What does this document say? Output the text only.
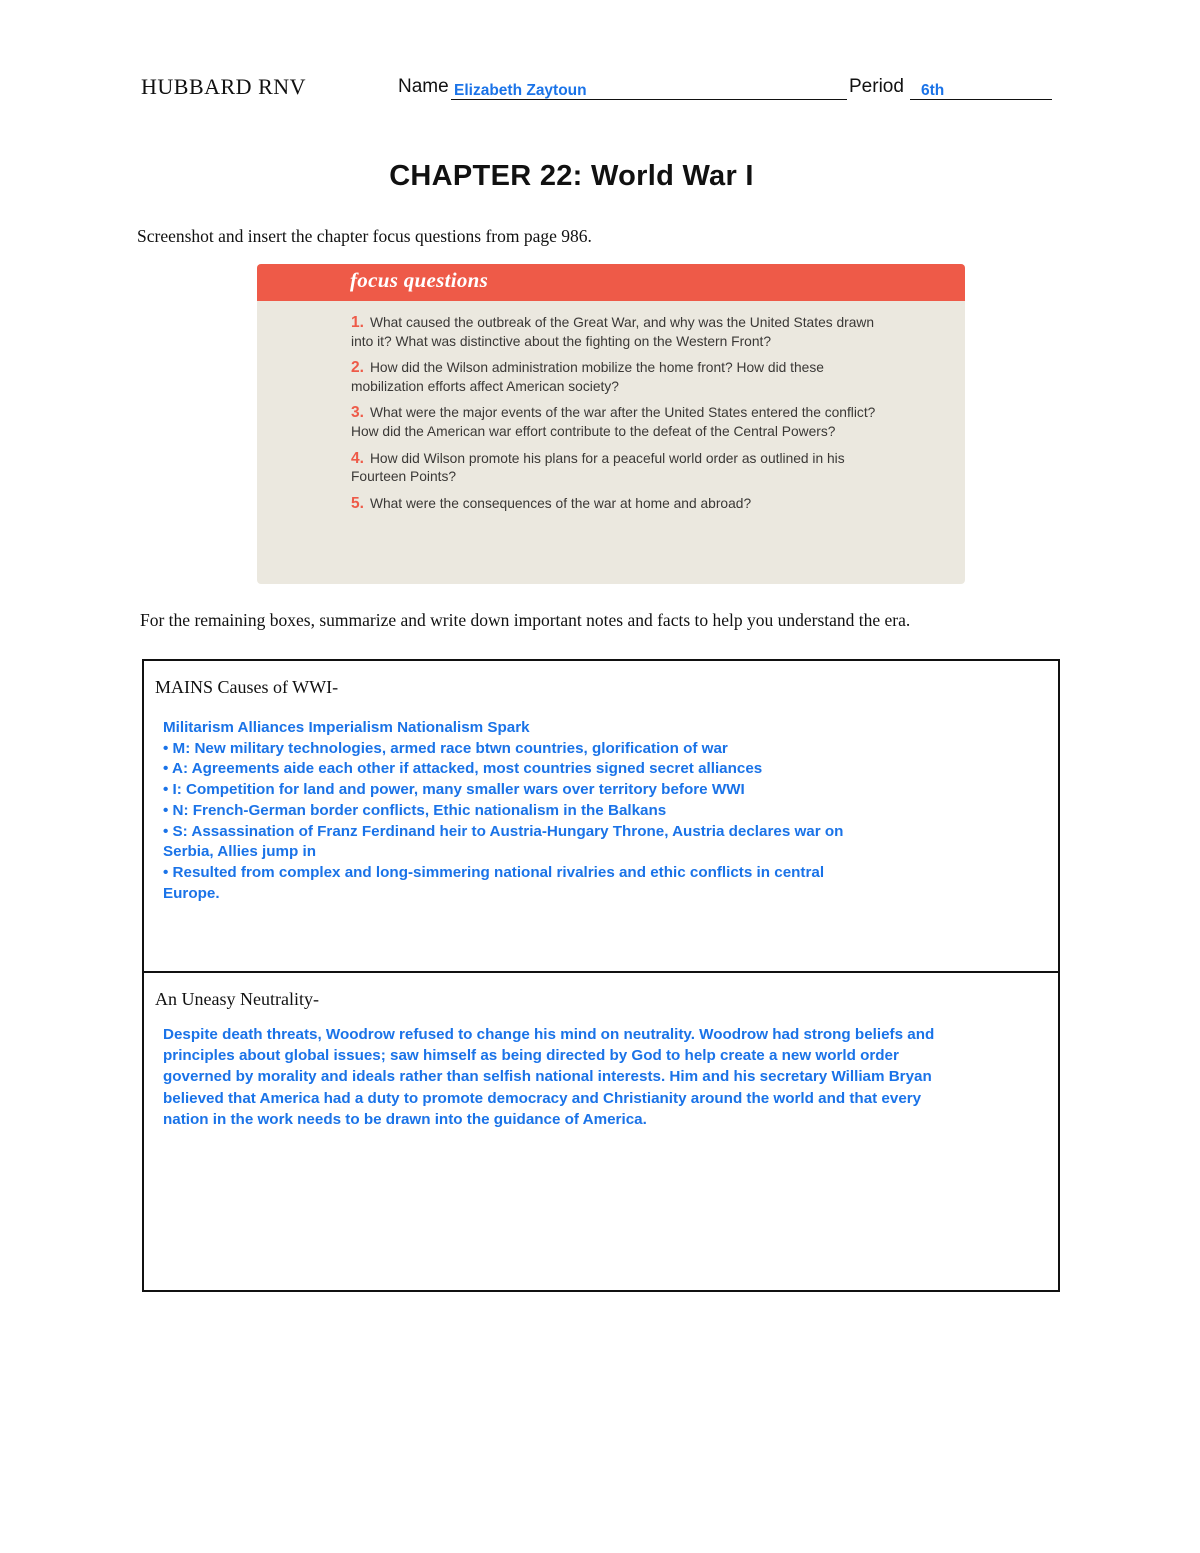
HUBBARD RNV	Name Elizabeth Zaytoun	Period 6th
CHAPTER 22: World War I
Screenshot and insert the chapter focus questions from page 986.
focus questions
1. What caused the outbreak of the Great War, and why was the United States drawn into it? What was distinctive about the fighting on the Western Front?
2. How did the Wilson administration mobilize the home front? How did these mobilization efforts affect American society?
3. What were the major events of the war after the United States entered the conflict? How did the American war effort contribute to the defeat of the Central Powers?
4. How did Wilson promote his plans for a peaceful world order as outlined in his Fourteen Points?
5. What were the consequences of the war at home and abroad?
For the remaining boxes, summarize and write down important notes and facts to help you understand the era.
MAINS Causes of WWI-
Militarism Alliances Imperialism Nationalism Spark
• M: New military technologies, armed race btwn countries, glorification of war
• A: Agreements aide each other if attacked, most countries signed secret alliances
• I: Competition for land and power, many smaller wars over territory before WWI
• N: French-German border conflicts, Ethic nationalism in the Balkans
• S: Assassination of Franz Ferdinand heir to Austria-Hungary Throne, Austria declares war on
Serbia, Allies jump in
• Resulted from complex and long-simmering national rivalries and ethic conflicts in central
Europe.
An Uneasy Neutrality-
Despite death threats, Woodrow refused to change his mind on neutrality. Woodrow had strong beliefs and
principles about global issues; saw himself as being directed by God to help create a new world order
governed by morality and ideals rather than selfish national interests. Him and his secretary William Bryan
believed that America had a duty to promote democracy and Christianity around the world and that every
nation in the work needs to be drawn into the guidance of America.
